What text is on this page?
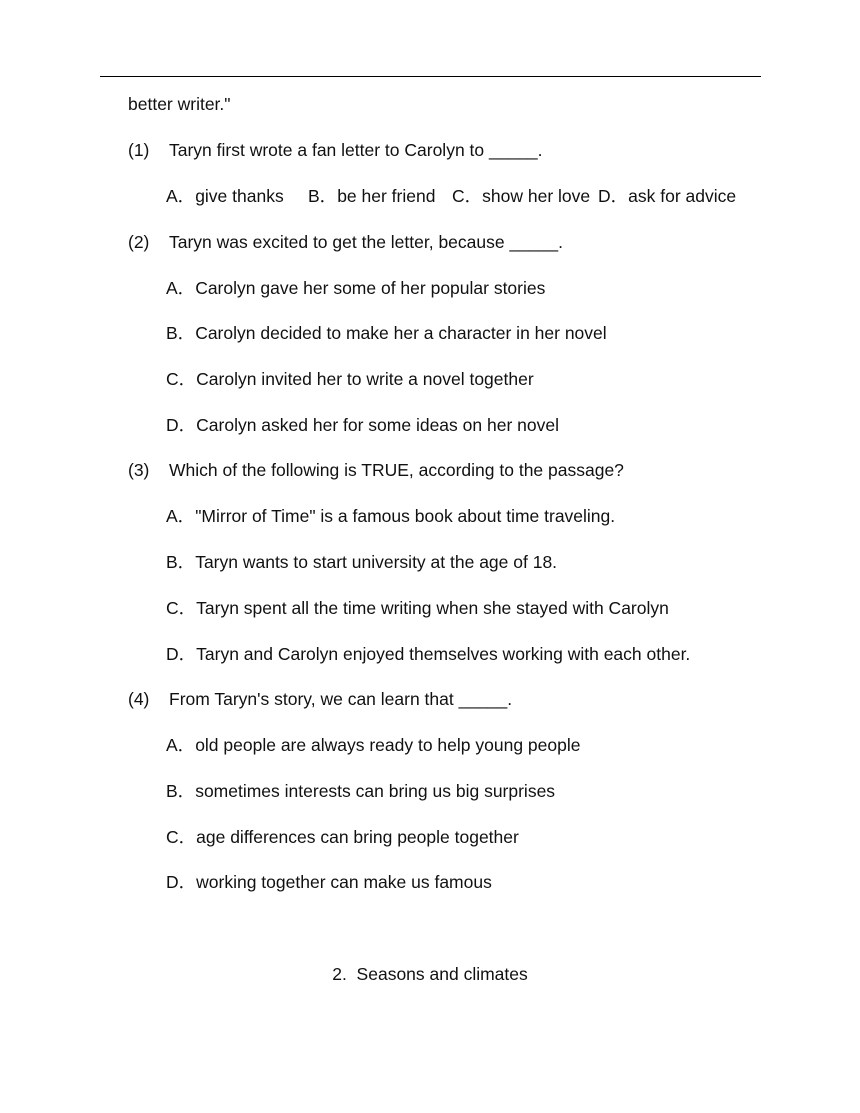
better writer."
(1) Taryn first wrote a fan letter to Carolyn to _____.
A．give thanks B．be her friend C．show her love D．ask for advice
(2) Taryn was excited to get the letter, because _____.
A．Carolyn gave her some of her popular stories
B．Carolyn decided to make her a character in her novel
C．Carolyn invited her to write a novel together
D．Carolyn asked her for some ideas on her novel
(3) Which of the following is TRUE, according to the passage?
A．"Mirror of Time" is a famous book about time traveling.
B．Taryn wants to start university at the age of 18.
C．Taryn spent all the time writing when she stayed with Carolyn
D．Taryn and Carolyn enjoyed themselves working with each other.
(4) From Taryn's story, we can learn that _____.
A．old people are always ready to help young people
B．sometimes interests can bring us big surprises
C．age differences can bring people together
D．working together can make us famous
2.  Seasons and climates
